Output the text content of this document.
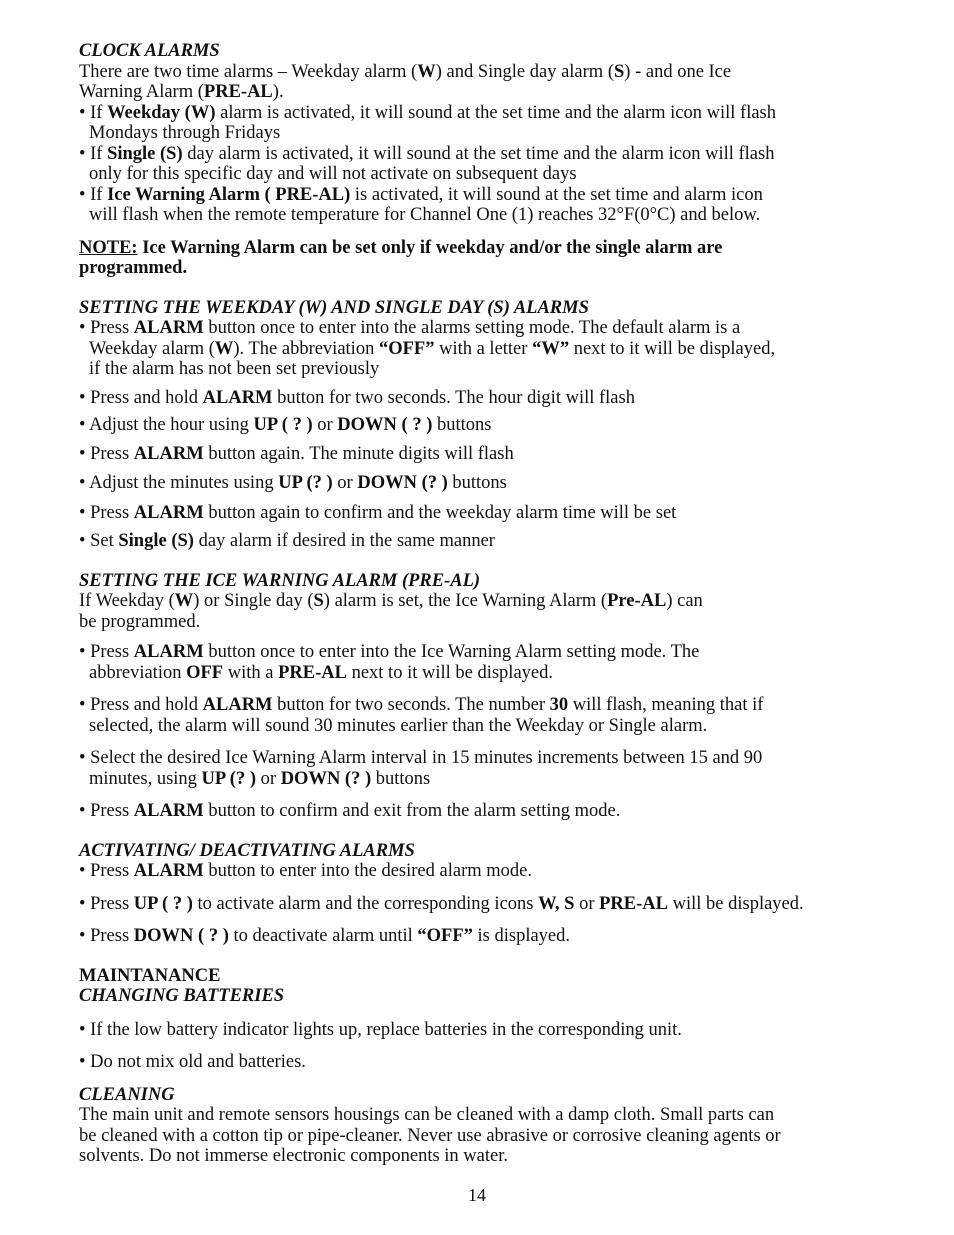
CLOCK ALARMS

There are two time alarms – Weekday alarm (W) and Single day alarm (S) - and one Ice
Warning Alarm (PRE-AL).

• If Weekday (W) alarm is activated, it will sound at the set time and the alarm icon will flash
Mondays through Fridays

• If Single (S) day alarm is activated, it will sound at the set time and the alarm icon will flash
only for this specific day and will not activate on subsequent days

• If Ice Warning Alarm ( PRE-AL) is activated, it will sound at the set time and alarm icon
will flash when the remote temperature for Channel One (1) reaches 32°F(0°C) and below.

NOTE: Ice Warning Alarm can be set only if weekday and/or the single alarm are
programmed.

SETTING THE WEEKDAY (W) AND SINGLE DAY (S) ALARMS

• Press ALARM button once to enter into the alarms setting mode. The default alarm is a
Weekday alarm (W). The abbreviation “OFF” with a letter “W” next to it will be displayed,
if the alarm has not been set previously

• Press and hold ALARM button for two seconds. The hour digit will flash

• Adjust the hour using UP ( ? ) or DOWN ( ? ) buttons

• Press ALARM button again. The minute digits will flash

• Adjust the minutes using UP (? ) or DOWN (? ) buttons

• Press ALARM button again to confirm and the weekday alarm time will be set

• Set Single (S) day alarm if desired in the same manner

SETTING THE ICE WARNING ALARM (PRE-AL)

If Weekday (W) or Single day (S) alarm is set, the Ice Warning Alarm (Pre-AL) can
be programmed.

• Press ALARM button once to enter into the Ice Warning Alarm setting mode. The
abbreviation OFF with a PRE-AL next to it will be displayed.

• Press and hold ALARM button for two seconds. The number 30 will flash, meaning that if
selected, the alarm will sound 30 minutes earlier than the Weekday or Single alarm.

• Select the desired Ice Warning Alarm interval in 15 minutes increments between 15 and 90
minutes, using UP (? ) or DOWN (? ) buttons

• Press ALARM button to confirm and exit from the alarm setting mode.

ACTIVATING/ DEACTIVATING ALARMS

• Press ALARM button to enter into the desired alarm mode.

• Press UP ( ? ) to activate alarm and the corresponding icons W, S or PRE-AL will be displayed.

• Press DOWN ( ? ) to deactivate alarm until “OFF” is displayed.

MAINTANANCE

CHANGING BATTERIES

• If the low battery indicator lights up, replace batteries in the corresponding unit.

• Do not mix old and batteries.

CLEANING

The main unit and remote sensors housings can be cleaned with a damp cloth. Small parts can
be cleaned with a cotton tip or pipe-cleaner. Never use abrasive or corrosive cleaning agents or
solvents. Do not immerse electronic components in water.

14
